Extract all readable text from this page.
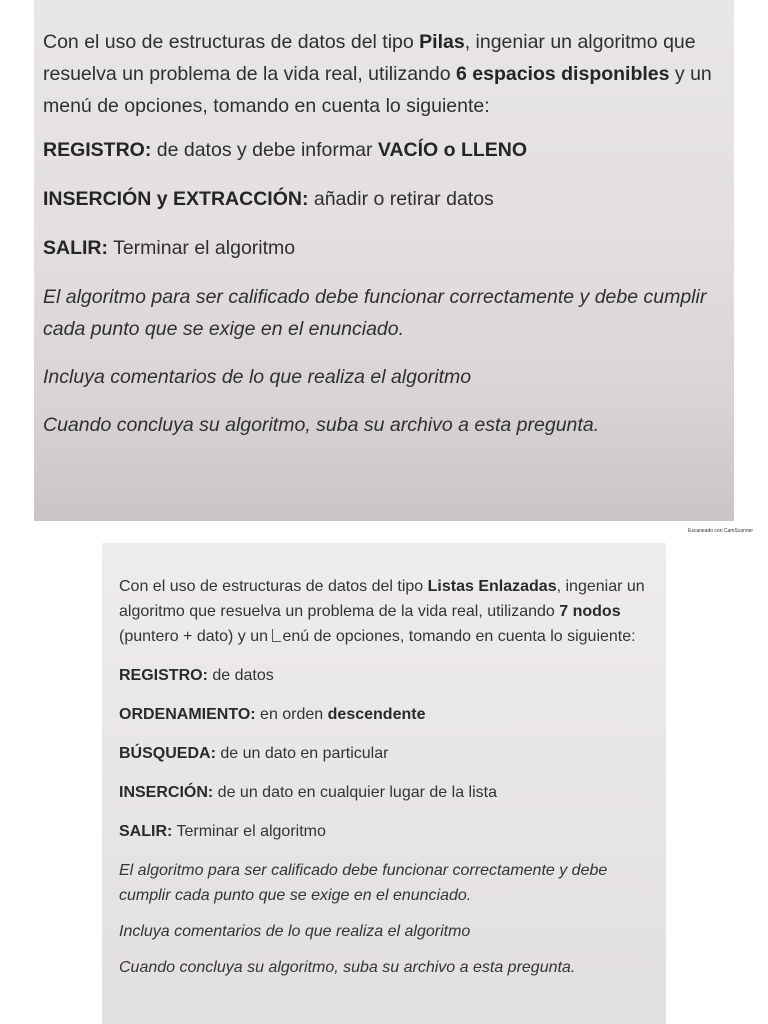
Con el uso de estructuras de datos del tipo Pilas, ingeniar un algoritmo que resuelva un problema de la vida real, utilizando 6 espacios disponibles y un menú de opciones, tomando en cuenta lo siguiente:

REGISTRO: de datos y debe informar VACÍO o LLENO

INSERCIÓN y EXTRACCIÓN: añadir o retirar datos

SALIR: Terminar el algoritmo

El algoritmo para ser calificado debe funcionar correctamente y debe cumplir cada punto que se exige en el enunciado.

Incluya comentarios de lo que realiza el algoritmo

Cuando concluya su algoritmo, suba su archivo a esta pregunta.

Escaneado con CamScanner

Con el uso de estructuras de datos del tipo Listas Enlazadas, ingeniar un algoritmo que resuelva un problema de la vida real, utilizando 7 nodos (puntero + dato) y un enú de opciones, tomando en cuenta lo siguiente:

REGISTRO: de datos

ORDENAMIENTO: en orden descendente

BÚSQUEDA: de un dato en particular

INSERCIÓN: de un dato en cualquier lugar de la lista

SALIR: Terminar el algoritmo

El algoritmo para ser calificado debe funcionar correctamente y debe cumplir cada punto que se exige en el enunciado.

Incluya comentarios de lo que realiza el algoritmo

Cuando concluya su algoritmo, suba su archivo a esta pregunta.
